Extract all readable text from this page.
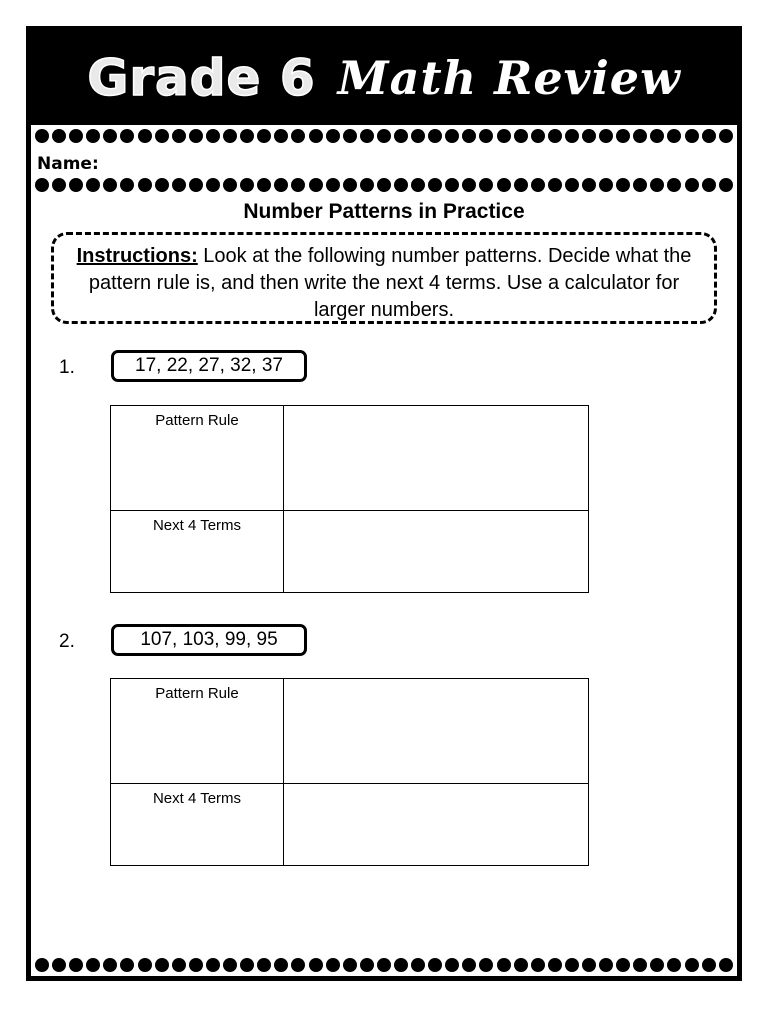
Grade 6 Math Review
Name:
Number Patterns in Practice
Instructions: Look at the following number patterns. Decide what the pattern rule is, and then write the next 4 terms. Use a calculator for larger numbers.
1.	17, 22, 27, 32, 37
Pattern Rule	
Next 4 Terms	
2.	107, 103, 99, 95
Pattern Rule	
Next 4 Terms	
